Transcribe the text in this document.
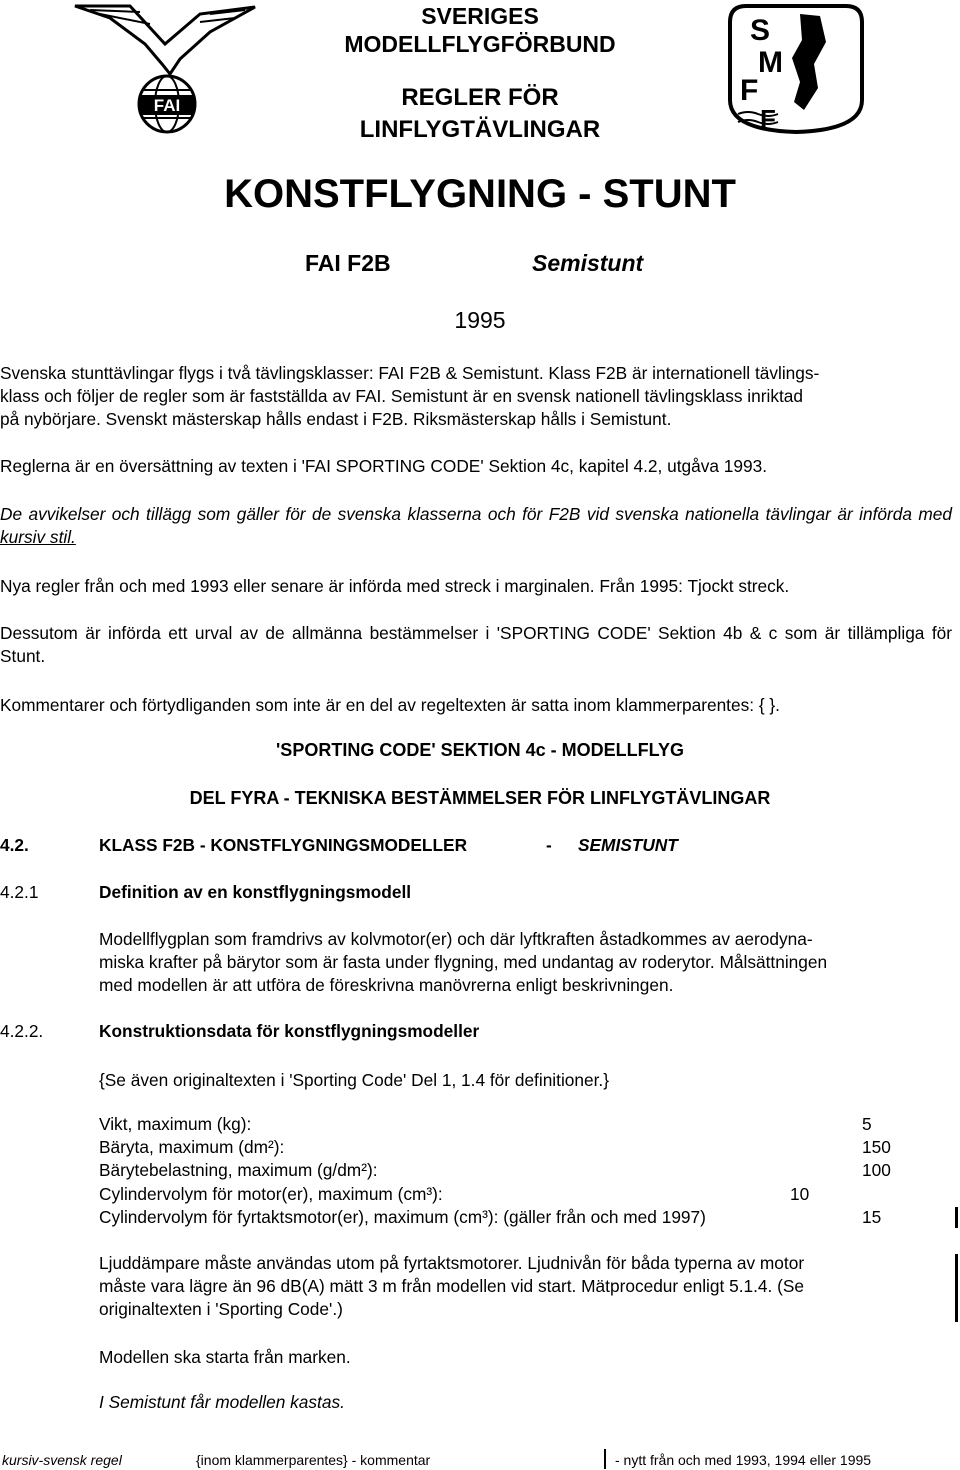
FAI
S
M
F
F
SVERIGES
MODELLFLYGFÖRBUND
REGLER FÖR
LINFLYGTÄVLINGAR
KONSTFLYGNING - STUNT
FAI F2B	Semistunt
1995
Svenska stunttävlingar flygs i två tävlingsklasser: FAI F2B & Semistunt. Klass F2B är internationell tävlings-
klass och följer de regler som är fastställda av FAI. Semistunt är en svensk nationell tävlingsklass inriktad
på nybörjare. Svenskt mästerskap hålls endast i F2B. Riksmästerskap hålls i Semistunt.
Reglerna är en översättning av texten i 'FAI SPORTING CODE' Sektion 4c, kapitel 4.2, utgåva 1993.
De avvikelser och tillägg som gäller för de svenska klasserna och för F2B vid svenska nationella tävlingar är införda med kursiv stil.
Nya regler från och med 1993 eller senare är införda med streck i marginalen. Från 1995: Tjockt streck.
Dessutom är införda ett urval av de allmänna bestämmelser i 'SPORTING CODE' Sektion 4b & c som är tillämpliga för Stunt.
Kommentarer och förtydliganden som inte är en del av regeltexten är satta inom klammerparentes: { }.
'SPORTING CODE' SEKTION 4c - MODELLFLYG
DEL FYRA - TEKNISKA BESTÄMMELSER FÖR LINFLYGTÄVLINGAR
4.2.	KLASS F2B - KONSTFLYGNINGSMODELLER	- SEMISTUNT
4.2.1	Definition av en konstflygningsmodell
Modellflygplan som framdrivs av kolvmotor(er) och där lyftkraften åstadkommes av aerodyna-
miska krafter på bärytor som är fasta under flygning, med undantag av roderytor. Målsättningen
med modellen är att utföra de föreskrivna manövrerna enligt beskrivningen.
4.2.2.	Konstruktionsdata för konstflygningsmodeller
{Se även originaltexten i 'Sporting Code' Del 1, 1.4 för definitioner.}
Vikt, maximum (kg):	5
Bäryta, maximum (dm²):	150
Bärytebelastning, maximum (g/dm²):	100
Cylindervolym för motor(er), maximum (cm³):	10
Cylindervolym för fyrtaktsmotor(er), maximum (cm³): (gäller från och med 1997)	15
Ljuddämpare måste användas utom på fyrtaktsmotorer. Ljudnivån för båda typerna av motor
måste vara lägre än 96 dB(A) mätt 3 m från modellen vid start. Mätprocedur enligt 5.1.4. (Se
originaltexten i 'Sporting Code'.)
Modellen ska starta från marken.
I Semistunt får modellen kastas.
kursiv-svensk regel	{inom klammerparentes} - kommentar	- nytt från och med 1993, 1994 eller 1995
